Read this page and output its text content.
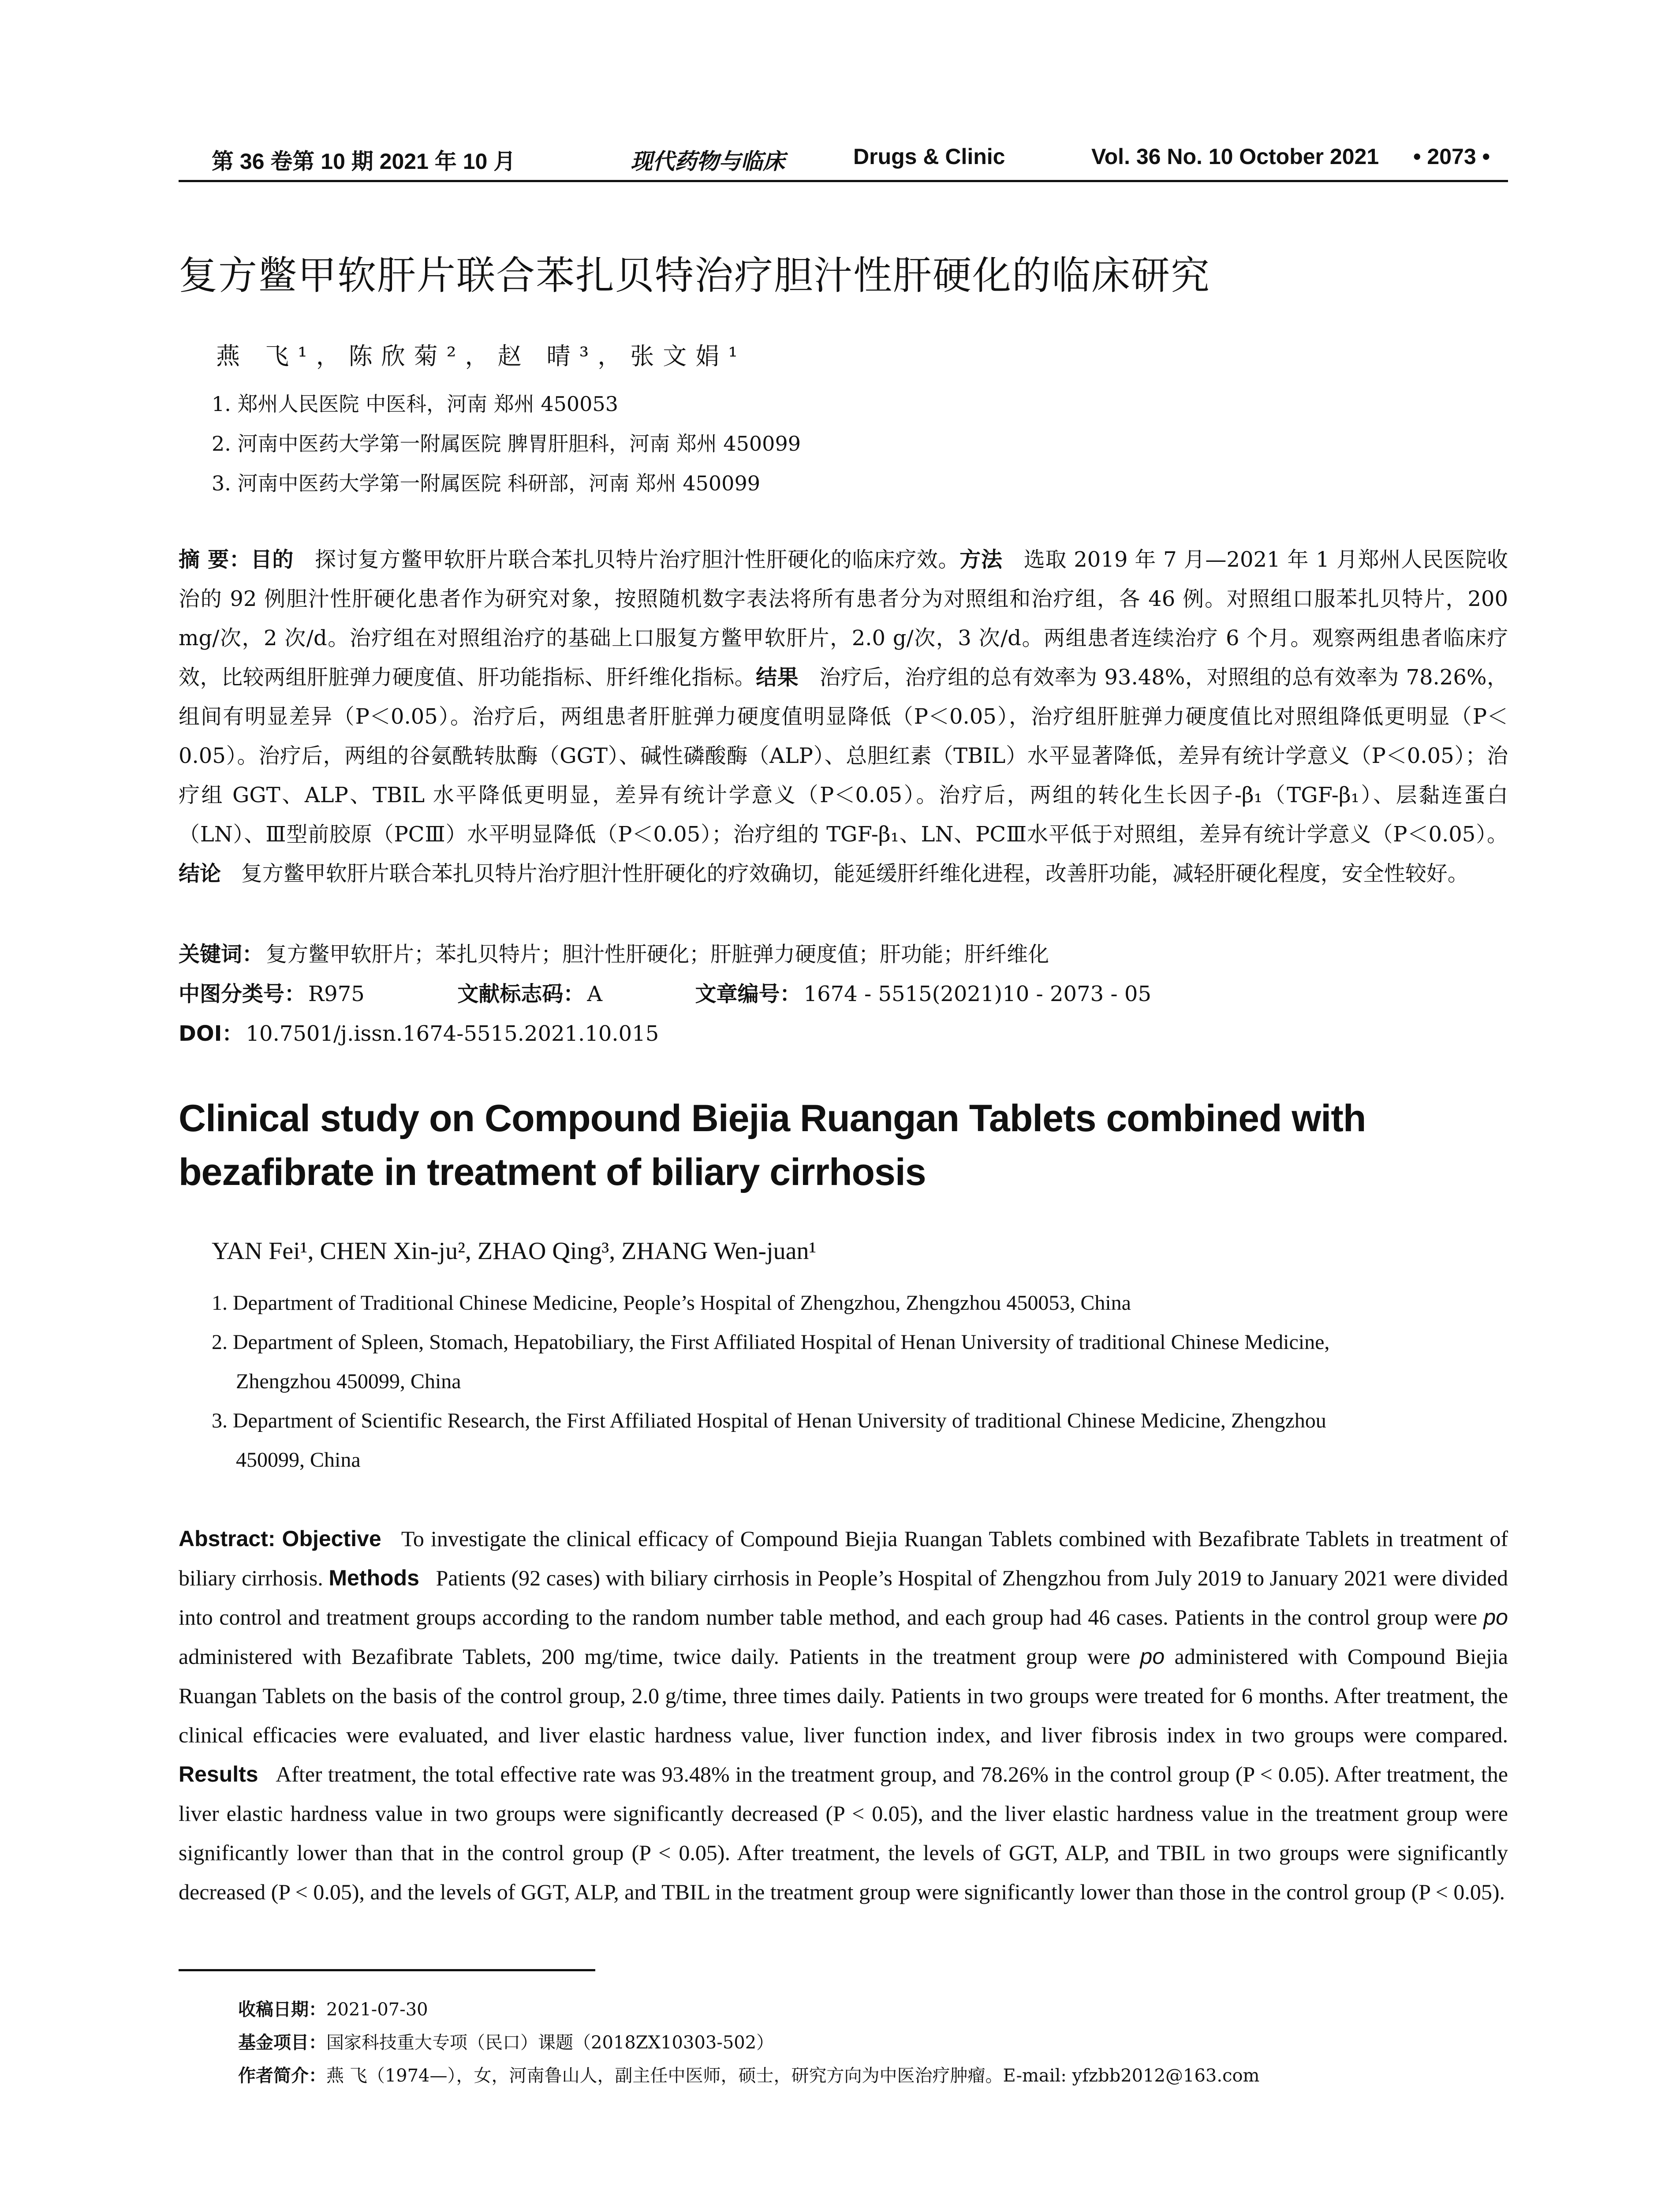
第 36 卷第 10 期 2021 年 10 月	现代药物与临床	Drugs & Clinic	Vol. 36 No. 10 October 2021 • 2073 •
复方鳖甲软肝片联合苯扎贝特治疗胆汁性肝硬化的临床研究
燕 飞¹，陈欣菊²，赵 晴³，张文娟¹
1. 郑州人民医院 中医科，河南 郑州 450053
2. 河南中医药大学第一附属医院 脾胃肝胆科，河南 郑州 450099
3. 河南中医药大学第一附属医院 科研部，河南 郑州 450099
摘 要：目的 探讨复方鳖甲软肝片联合苯扎贝特片治疗胆汁性肝硬化的临床疗效。方法 选取 2019 年 7 月—2021 年 1 月郑州人民医院收治的 92 例胆汁性肝硬化患者作为研究对象，按照随机数字表法将所有患者分为对照组和治疗组，各 46 例。对照组口服苯扎贝特片，200 mg/次，2 次/d。治疗组在对照组治疗的基础上口服复方鳖甲软肝片，2.0 g/次，3 次/d。两组患者连续治疗 6 个月。观察两组患者临床疗效，比较两组肝脏弹力硬度值、肝功能指标、肝纤维化指标。结果 治疗后，治疗组的总有效率为 93.48%，对照组的总有效率为 78.26%，组间有明显差异（P＜0.05）。治疗后，两组患者肝脏弹力硬度值明显降低（P＜0.05），治疗组肝脏弹力硬度值比对照组降低更明显（P＜0.05）。治疗后，两组的谷氨酰转肽酶（GGT）、碱性磷酸酶（ALP）、总胆红素（TBIL）水平显著降低，差异有统计学意义（P＜0.05）；治疗组 GGT、ALP、TBIL 水平降低更明显，差异有统计学意义（P＜0.05）。治疗后，两组的转化生长因子-β₁（TGF-β₁）、层黏连蛋白（LN）、Ⅲ型前胶原（PCⅢ）水平明显降低（P＜0.05）；治疗组的 TGF-β₁、LN、PCⅢ水平低于对照组，差异有统计学意义（P＜0.05）。结论 复方鳖甲软肝片联合苯扎贝特片治疗胆汁性肝硬化的疗效确切，能延缓肝纤维化进程，改善肝功能，减轻肝硬化程度，安全性较好。
关键词： 复方鳖甲软肝片；苯扎贝特片；胆汁性肝硬化；肝脏弹力硬度值；肝功能；肝纤维化
中图分类号： R975	文献标志码： A	文章编号： 1674 - 5515(2021)10 - 2073 - 05
DOI： 10.7501/j.issn.1674-5515.2021.10.015
Clinical study on Compound Biejia Ruangan Tablets combined with bezafibrate in treatment of biliary cirrhosis
YAN Fei¹, CHEN Xin-ju², ZHAO Qing³, ZHANG Wen-juan¹
1. Department of Traditional Chinese Medicine, People’s Hospital of Zhengzhou, Zhengzhou 450053, China
2. Department of Spleen, Stomach, Hepatobiliary, the First Affiliated Hospital of Henan University of traditional Chinese Medicine,
Zhengzhou 450099, China
3. Department of Scientific Research, the First Affiliated Hospital of Henan University of traditional Chinese Medicine, Zhengzhou
450099, China
Abstract: Objective To investigate the clinical efficacy of Compound Biejia Ruangan Tablets combined with Bezafibrate Tablets in treatment of biliary cirrhosis. Methods Patients (92 cases) with biliary cirrhosis in People’s Hospital of Zhengzhou from July 2019 to January 2021 were divided into control and treatment groups according to the random number table method, and each group had 46 cases. Patients in the control group were po administered with Bezafibrate Tablets, 200 mg/time, twice daily. Patients in the treatment group were po administered with Compound Biejia Ruangan Tablets on the basis of the control group, 2.0 g/time, three times daily. Patients in two groups were treated for 6 months. After treatment, the clinical efficacies were evaluated, and liver elastic hardness value, liver function index, and liver fibrosis index in two groups were compared. Results After treatment, the total effective rate was 93.48% in the treatment group, and 78.26% in the control group (P < 0.05). After treatment, the liver elastic hardness value in two groups were significantly decreased (P < 0.05), and the liver elastic hardness value in the treatment group were significantly lower than that in the control group (P < 0.05). After treatment, the levels of GGT, ALP, and TBIL in two groups were significantly decreased (P < 0.05), and the levels of GGT, ALP, and TBIL in the treatment group were significantly lower than those in the control group (P < 0.05).
收稿日期：2021-07-30
基金项目：国家科技重大专项（民口）课题（2018ZX10303-502）
作者简介：燕 飞（1974—），女，河南鲁山人，副主任中医师，硕士，研究方向为中医治疗肿瘤。E-mail: yfzbb2012@163.com
